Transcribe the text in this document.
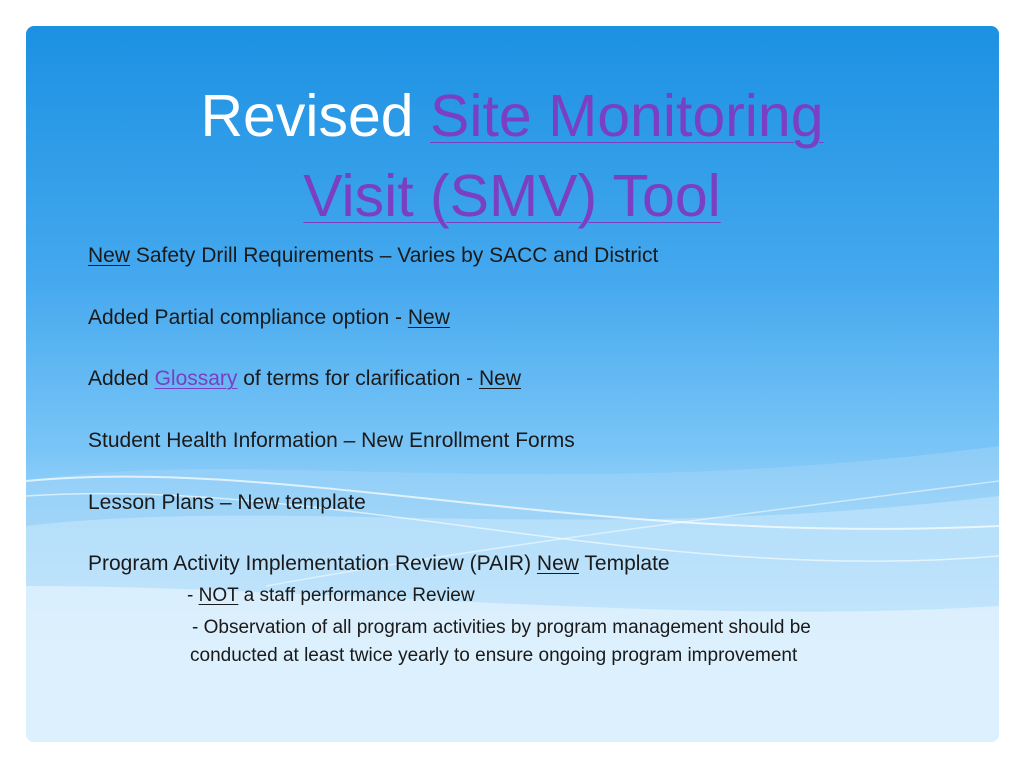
Revised Site Monitoring
Visit (SMV) Tool
New Safety Drill Requirements – Varies by SACC and District
Added Partial compliance option - New
Added Glossary of terms for clarification - New
Student Health Information – New Enrollment Forms
Lesson Plans – New template
Program Activity Implementation Review (PAIR) New Template
- NOT a staff performance Review
- Observation of all program activities by program management should be
conducted at least twice yearly to ensure ongoing program improvement
